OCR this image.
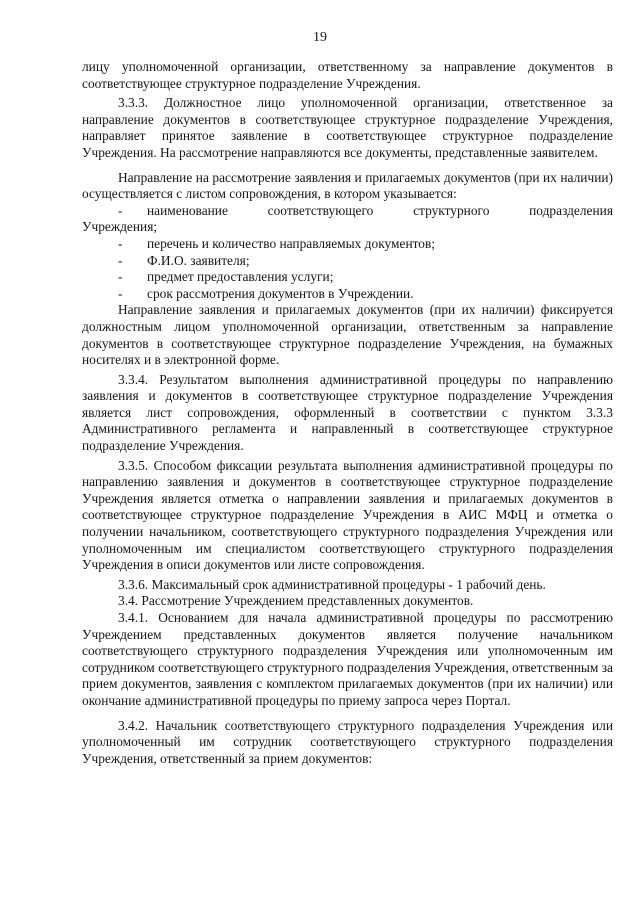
19

лицу уполномоченной организации, ответственному за направление документов в соответствующее структурное подразделение Учреждения.

3.3.3. Должностное лицо уполномоченной организации, ответственное за направление документов в соответствующее структурное подразделение Учреждения, направляет принятое заявление в соответствующее структурное подразделение Учреждения. На рассмотрение направляются все документы, представленные заявителем.

Направление на рассмотрение заявления и прилагаемых документов (при их наличии) осуществляется с листом сопровождения, в котором указывается:

- наименование соответствующего структурного подразделения

Учреждения;

- перечень и количество направляемых документов;

- Ф.И.О. заявителя;

- предмет предоставления услуги;

- срок рассмотрения документов в Учреждении.

Направление заявления и прилагаемых документов (при их наличии) фиксируется должностным лицом уполномоченной организации, ответственным за направление документов в соответствующее структурное подразделение Учреждения, на бумажных носителях и в электронной форме.

3.3.4. Результатом выполнения административной процедуры по направлению заявления и документов в соответствующее структурное подразделение Учреждения является лист сопровождения, оформленный в соответствии с пунктом 3.3.3 Административного регламента и направленный в соответствующее структурное подразделение Учреждения.

3.3.5. Способом фиксации результата выполнения административной процедуры по направлению заявления и документов в соответствующее структурное подразделение Учреждения является отметка о направлении заявления и прилагаемых документов в соответствующее структурное подразделение Учреждения в АИС МФЦ и отметка о получении начальником, соответствующего структурного подразделения Учреждения или уполномоченным им специалистом соответствующего структурного подразделения Учреждения в описи документов или листе сопровождения.

3.3.6. Максимальный срок административной процедуры - 1 рабочий день.

3.4. Рассмотрение Учреждением представленных документов.

3.4.1. Основанием для начала административной процедуры по рассмотрению Учреждением представленных документов является получение начальником соответствующего структурного подразделения Учреждения или уполномоченным им сотрудником соответствующего структурного подразделения Учреждения, ответственным за прием документов, заявления с комплектом прилагаемых документов (при их наличии) или окончание административной процедуры по приему запроса через Портал.

3.4.2. Начальник соответствующего структурного подразделения Учреждения или уполномоченный им сотрудник соответствующего структурного подразделения Учреждения, ответственный за прием документов:
